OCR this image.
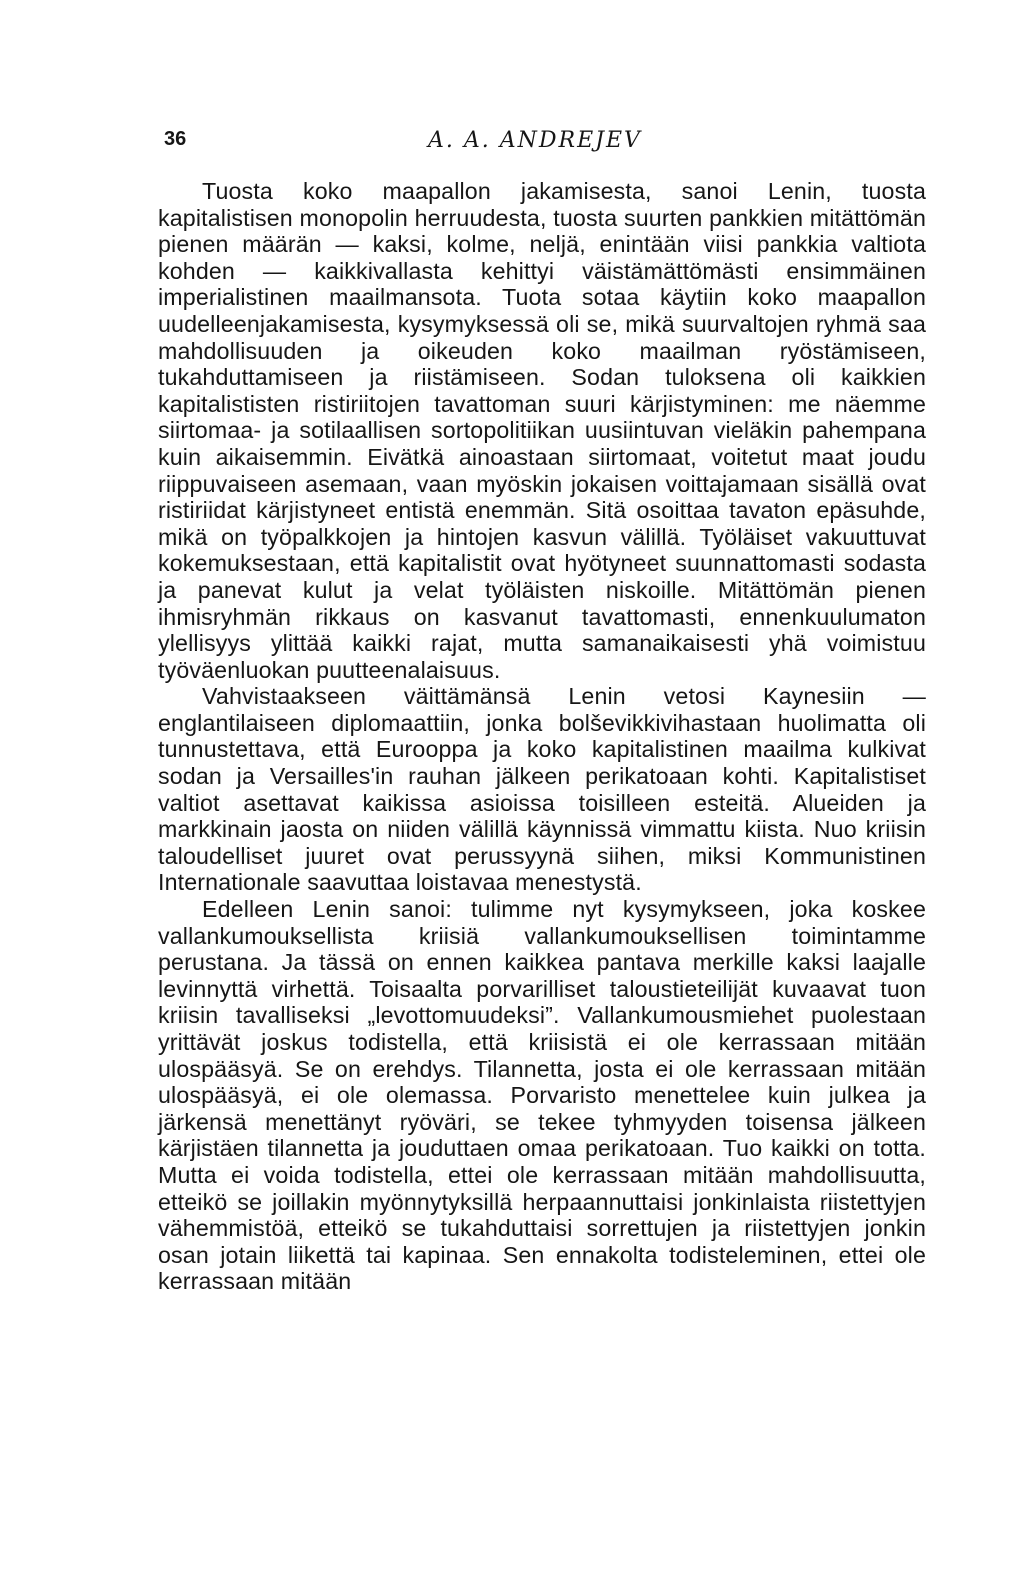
36	A. A. ANDREJEV

Tuosta koko maapallon jakamisesta, sanoi Lenin, tuosta kapitalistisen monopolin herruudesta, tuosta suurten pankkien mitättömän pienen määrän — kaksi, kolme, neljä, enintään viisi pankkia valtiota kohden — kaikkivallasta kehittyi väistämättömästi ensimmäinen imperialistinen maailmansota. Tuota sotaa käytiin koko maapallon uudelleenjakamisesta, kysymyksessä oli se, mikä suurvaltojen ryhmä saa mahdollisuuden ja oikeuden koko maailman ryöstämiseen, tukahduttamiseen ja riistämiseen. Sodan tuloksena oli kaikkien kapitalististen ristiriitojen tavattoman suuri kärjistyminen: me näemme siirtomaa- ja sotilaallisen sortopolitiikan uusiintuvan vieläkin pahempana kuin aikaisemmin. Eivätkä ainoastaan siirtomaat, voitetut maat joudu riippuvaiseen asemaan, vaan myöskin jokaisen voittajamaan sisällä ovat ristiriidat kärjistyneet entistä enemmän. Sitä osoittaa tavaton epäsuhde, mikä on työpalkkojen ja hintojen kasvun välillä. Työläiset vakuuttuvat kokemuksestaan, että kapitalistit ovat hyötyneet suunnattomasti sodasta ja panevat kulut ja velat työläisten niskoille. Mitättömän pienen ihmisryhmän rikkaus on kasvanut tavattomasti, ennenkuulumaton ylellisyys ylittää kaikki rajat, mutta samanaikaisesti yhä voimistuu työväenluokan puutteenalaisuus.

Vahvistaakseen väittämänsä Lenin vetosi Kaynesiin — englantilaiseen diplomaattiin, jonka bolševikkivihastaan huolimatta oli tunnustettava, että Eurooppa ja koko kapitalistinen maailma kulkivat sodan ja Versailles'in rauhan jälkeen perikatoaan kohti. Kapitalistiset valtiot asettavat kaikissa asioissa toisilleen esteitä. Alueiden ja markkinain jaosta on niiden välillä käynnissä vimmattu kiista. Nuo kriisin taloudelliset juuret ovat perussyynä siihen, miksi Kommunistinen Internationale saavuttaa loistavaa menestystä.

Edelleen Lenin sanoi: tulimme nyt kysymykseen, joka koskee vallankumouksellista kriisiä vallankumouksellisen toimintamme perustana. Ja tässä on ennen kaikkea pantava merkille kaksi laajalle levinnyttä virhettä. Toisaalta porvarilliset taloustieteilijät kuvaavat tuon kriisin tavalliseksi „levottomuudeksi”. Vallankumousmiehet puolestaan yrittävät joskus todistella, että kriisistä ei ole kerrassaan mitään ulospääsyä. Se on erehdys. Tilannetta, josta ei ole kerrassaan mitään ulospääsyä, ei ole olemassa. Porvaristo menettelee kuin julkea ja järkensä menettänyt ryöväri, se tekee tyhmyyden toisensa jälkeen kärjistäen tilannetta ja jouduttaen omaa perikatoaan. Tuo kaikki on totta. Mutta ei voida todistella, ettei ole kerrassaan mitään mahdollisuutta, etteikö se joillakin myönnytyksillä herpaannuttaisi jonkinlaista riistettyjen vähemmistöä, etteikö se tukahduttaisi sorrettujen ja riistettyjen jonkin osan jotain liikettä tai kapinaa. Sen ennakolta todisteleminen, ettei ole kerrassaan mitään
